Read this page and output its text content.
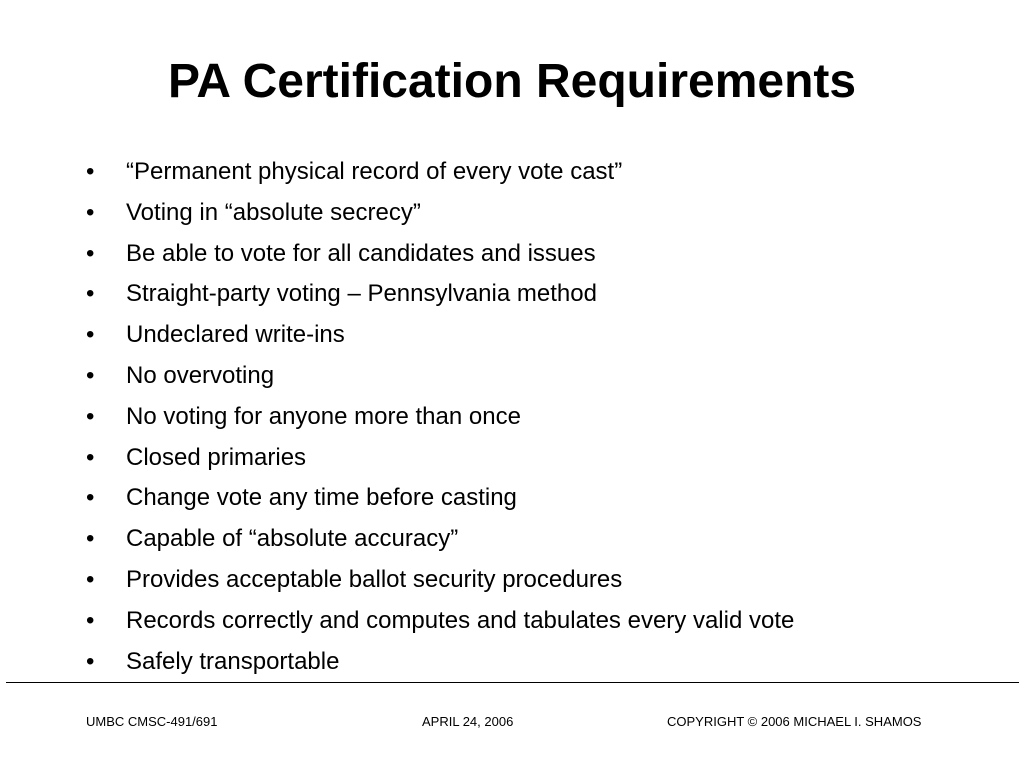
PA Certification Requirements
•	“Permanent physical record of every vote cast”
•	Voting in “absolute secrecy”
•	Be able to vote for all candidates and issues
•	Straight-party voting – Pennsylvania method
•	Undeclared write-ins
•	No overvoting
•	No voting for anyone more than once
•	Closed primaries
•	Change vote any time before casting
•	Capable of “absolute accuracy”
•	Provides acceptable ballot security procedures
•	Records correctly and computes and tabulates every valid vote
•	Safely transportable
UMBC CMSC-491/691	APRIL 24, 2006	COPYRIGHT © 2006 MICHAEL I. SHAMOS
